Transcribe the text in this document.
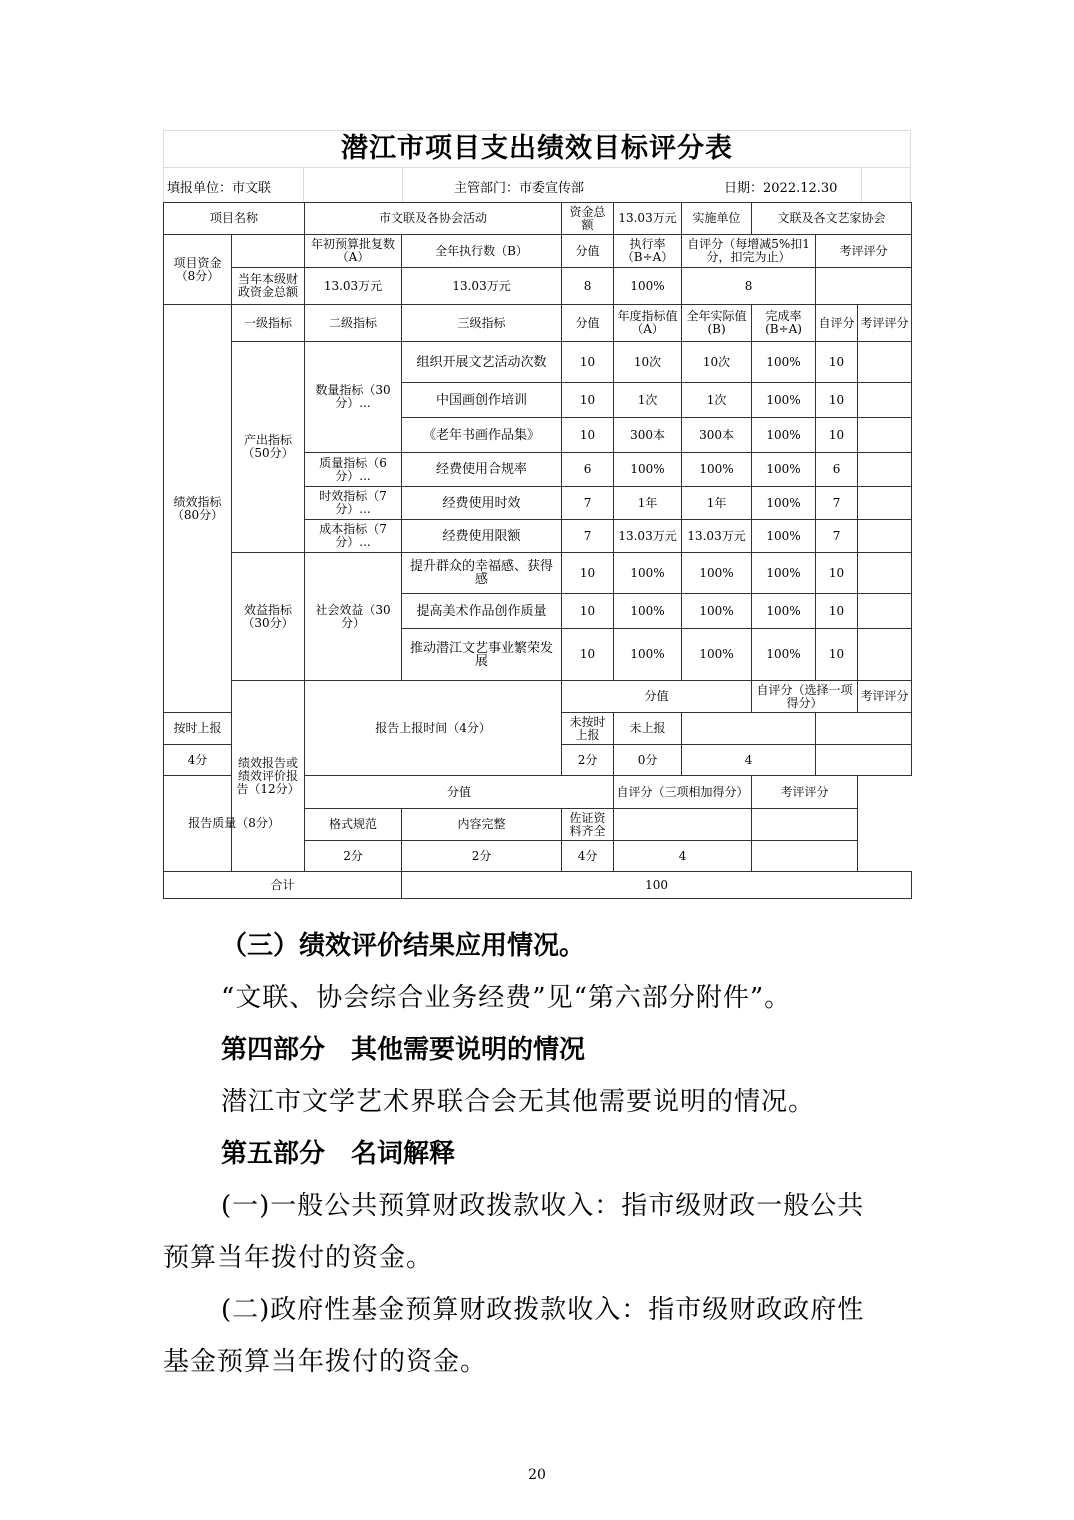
潜江市项目支出绩效目标评分表
填报单位：市文联	主管部门：市委宣传部	日期：2022.12.30
项目名称		市文联及各协会活动		资金总额	13.03万元	实施单位	文联及各文艺家协会			
项目资金（8分）		年初预算批复数（A）	全年执行数（B）	分值	执行率（B÷A）	自评分（每增减5%扣1分，扣完为止）		考评评分		
	当年本级财政资金总额	13.03万元	13.03万元	8	100%	8				
绩效指标（80分）	一级指标	二级指标	三级指标	分值	年度指标值（A）	全年实际值(B)	完成率(B÷A)	自评分	考评评分	
	产出指标（50分）	数量指标（30分）...	组织开展文艺活动次数	10	10次	10次	100%	10		
			中国画创作培训	10	1次	1次	100%	10		
			《老年书画作品集》	10	300本	300本	100%	10		
		质量指标（6分）...	经费使用合规率	6	100%	100%	100%	6		
		时效指标（7分）...	经费使用时效	7	1年	1年	100%	7		
		成本指标（7分）...	经费使用限额	7	13.03万元	13.03万元	100%	7		
	效益指标（30分）	社会效益（30分）	提升群众的幸福感、获得感	10	100%	100%	100%	10		
			提高美术作品创作质量	10	100%	100%	100%	10		
			推动潜江文艺事业繁荣发展	10	100%	100%	100%	10		
	绩效报告或绩效评价报告（12分）	报告上报时间（4分）		分值			自评分（选择一项得分）		考评评分	
按时上报				未按时上报	未上报					
4分				2分	0分	4				
报告质量（8分）		分值			自评分（三项相加得分）		考评评分			
		格式规范	内容完整	佐证资料齐全						
		2分	2分	4分	4					
合计			100							
（三）绩效评价结果应用情况。
“文联、协会综合业务经费”见“第六部分附件”。
第四部分　其他需要说明的情况
潜江市文学艺术界联合会无其他需要说明的情况。
第五部分　名词解释
(一)一般公共预算财政拨款收入：指市级财政一般公共
预算当年拨付的资金。
(二)政府性基金预算财政拨款收入：指市级财政政府性
基金预算当年拨付的资金。
20
